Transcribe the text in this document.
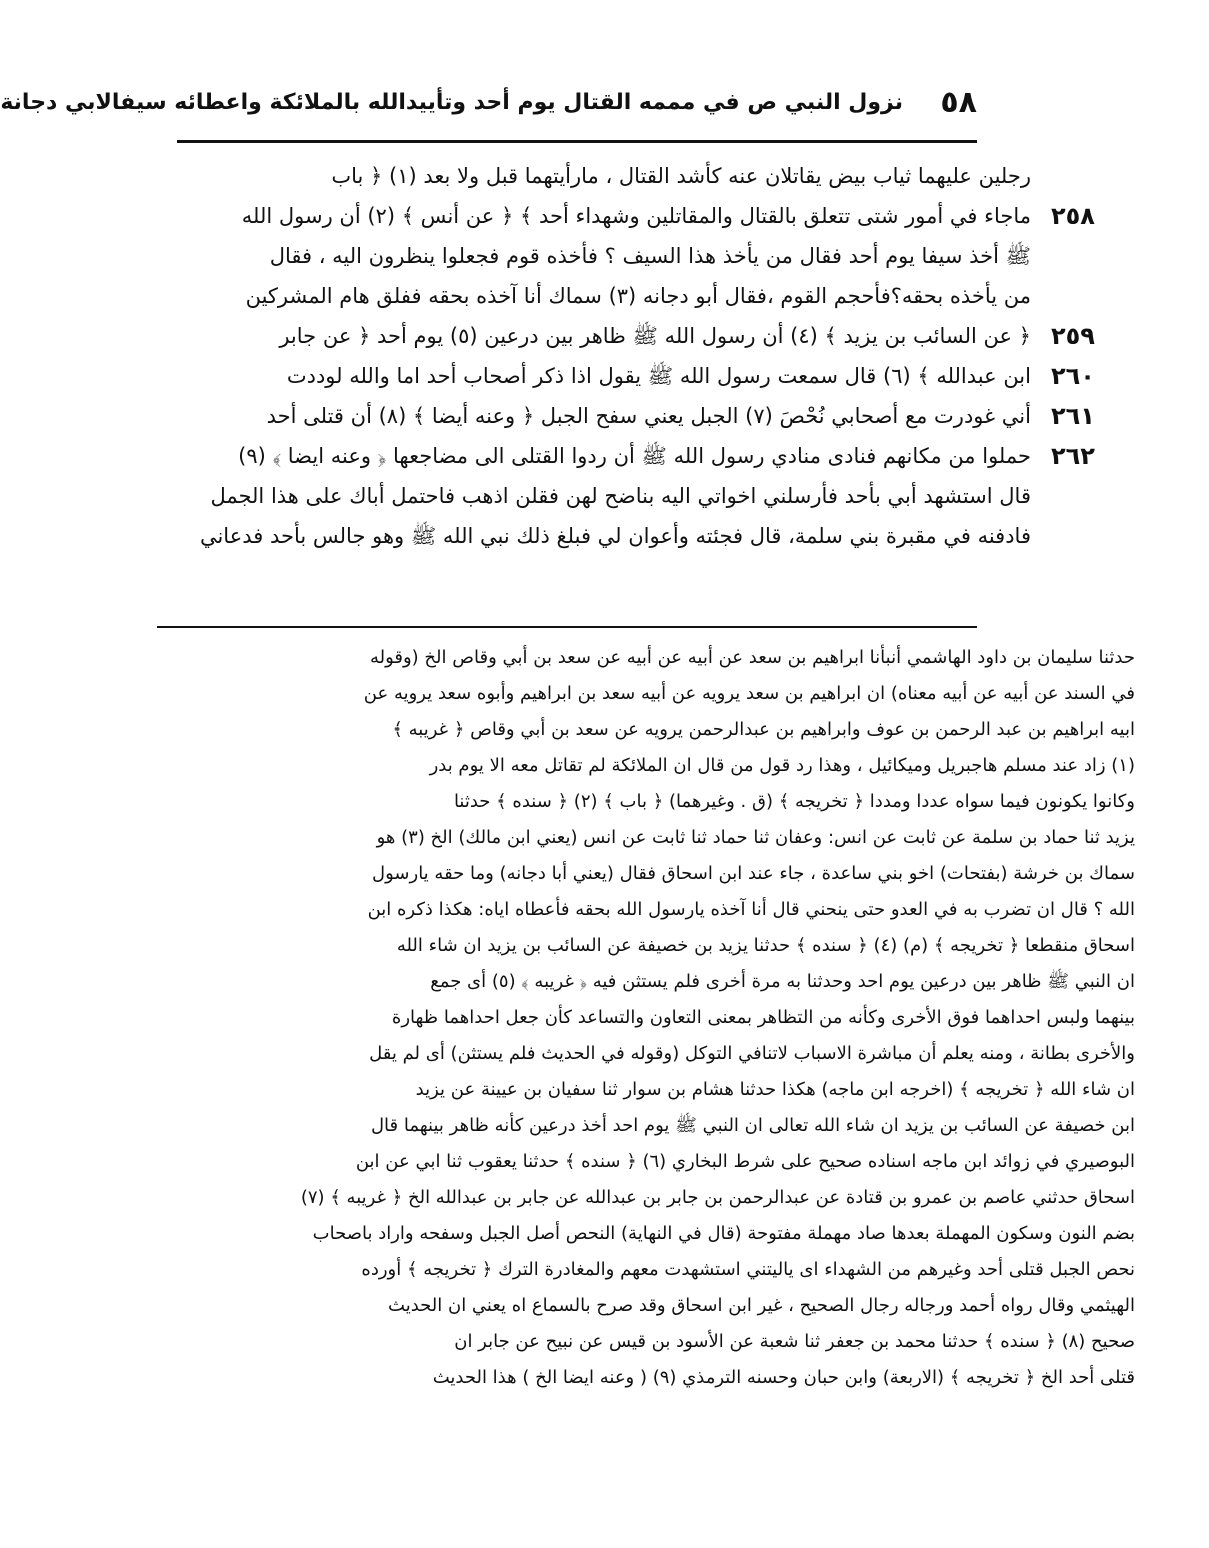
٥٨
نزول النبي ص في مممه القتال يوم أحد وتأييدالله بالملائكة واعطائه سيفالابي دجانة
رجلين عليهما ثياب بيض يقاتلان عنه كأشد القتال ، مارأيتهما قبل ولا بعد (١) ﴿ باب
٢٥٨
ماجاء في أمور شتى تتعلق بالقتال والمقاتلين وشهداء أحد ﴾ ﴿ عن أنس ﴾ (٢) أن رسول الله
ﷺ أخذ سيفا يوم أحد فقال من يأخذ هذا السيف ؟ فأخذه قوم فجعلوا ينظرون اليه ، فقال
من يأخذه بحقه؟فأحجم القوم ،فقال أبو دجانه (٣) سماك أنا آخذه بحقه ففلق هام المشركين
٢٥٩
﴿ عن السائب بن يزيد ﴾ (٤) أن رسول الله ﷺ ظاهر بين درعين (٥) يوم أحد ﴿ عن جابر
٢٦٠
ابن عبدالله ﴾ (٦) قال سمعت رسول الله ﷺ يقول اذا ذكر أصحاب أحد اما والله لوددت
٢٦١
أني غودرت مع أصحابي نُحْصَ (٧) الجبل يعني سفح الجبل ﴿ وعنه أيضا ﴾ (٨) أن قتلى أحد
٢٦٢
حملوا من مكانهم فنادى منادي رسول الله ﷺ أن ردوا القتلى الى مضاجعها ﴿ وعنه ايضا ﴾ (٩)
قال استشهد أبي بأحد فأرسلني اخواتي اليه بناضح لهن فقلن اذهب فاحتمل أباك على هذا الجمل
فادفنه في مقبرة بني سلمة، قال فجئته وأعوان لي فبلغ ذلك نبي الله ﷺ وهو جالس بأحد فدعاني
حدثنا سليمان بن داود الهاشمي أنبأنا ابراهيم بن سعد عن أبيه عن أبيه عن سعد بن أبي وقاص الخ (وقوله
في السند عن أبيه عن أبيه معناه) ان ابراهيم بن سعد يرويه عن أبيه سعد بن ابراهيم وأبوه سعد يرويه عن
ابيه ابراهيم بن عبد الرحمن بن عوف وابراهيم بن عبدالرحمن يرويه عن سعد بن أبي وقاص ﴿ غريبه ﴾
(١) زاد عند مسلم هاجبريل وميكائيل ، وهذا رد قول من قال ان الملائكة لم تقاتل معه الا يوم بدر
وكانوا يكونون فيما سواه عددا ومددا ﴿ تخريجه ﴾ (ق . وغيرهما) ﴿ باب ﴾ (٢) ﴿ سنده ﴾ حدثنا
يزيد ثنا حماد بن سلمة عن ثابت عن انس: وعفان ثنا حماد ثنا ثابت عن انس (يعني ابن مالك) الخ (٣) هو
سماك بن خرشة (بفتحات) اخو بني ساعدة ، جاء عند ابن اسحاق فقال (يعني أبا دجانه) وما حقه يارسول
الله ؟ قال ان تضرب به في العدو حتى ينحني قال أنا آخذه يارسول الله بحقه فأعطاه اياه: هكذا ذكره ابن
اسحاق منقطعا ﴿ تخريجه ﴾ (م) (٤) ﴿ سنده ﴾ حدثنا يزيد بن خصيفة عن السائب بن يزيد ان شاء الله
ان النبي ﷺ ظاهر بين درعين يوم احد وحدثنا به مرة أخرى فلم يستثن فيه ﴿ غريبه ﴾ (٥) أى جمع
بينهما ولبس احداهما فوق الأخرى وكأنه من التظاهر بمعنى التعاون والتساعد كأن جعل احداهما ظهارة
والأخرى بطانة ، ومنه يعلم أن مباشرة الاسباب لاتنافي التوكل (وقوله في الحديث فلم يستثن) أى لم يقل
ان شاء الله ﴿ تخريجه ﴾ (اخرجه ابن ماجه) هكذا حدثنا هشام بن سوار ثنا سفيان بن عيينة عن يزيد
ابن خصيفة عن السائب بن يزيد ان شاء الله تعالى ان النبي ﷺ يوم احد أخذ درعين كأنه ظاهر بينهما قال
البوصيري في زوائد ابن ماجه اسناده صحيح على شرط البخاري (٦) ﴿ سنده ﴾ حدثنا يعقوب ثنا ابي عن ابن
اسحاق حدثني عاصم بن عمرو بن قتادة عن عبدالرحمن بن جابر بن عبدالله عن جابر بن عبدالله الخ ﴿ غريبه ﴾ (٧)
بضم النون وسكون المهملة بعدها صاد مهملة مفتوحة (قال في النهاية) النحص أصل الجبل وسفحه واراد باصحاب
نحص الجبل قتلى أحد وغيرهم من الشهداء اى ياليتني استشهدت معهم والمغادرة الترك ﴿ تخريجه ﴾ أورده
الهيثمي وقال رواه أحمد ورجاله رجال الصحيح ، غير ابن اسحاق وقد صرح بالسماع اه يعني ان الحديث
صحيح (٨) ﴿ سنده ﴾ حدثنا محمد بن جعفر ثنا شعبة عن الأسود بن قيس عن نبيح عن جابر ان
قتلى أحد الخ ﴿ تخريجه ﴾ (الاربعة) وابن حبان وحسنه الترمذي (٩) ( وعنه ايضا الخ ) هذا الحديث
